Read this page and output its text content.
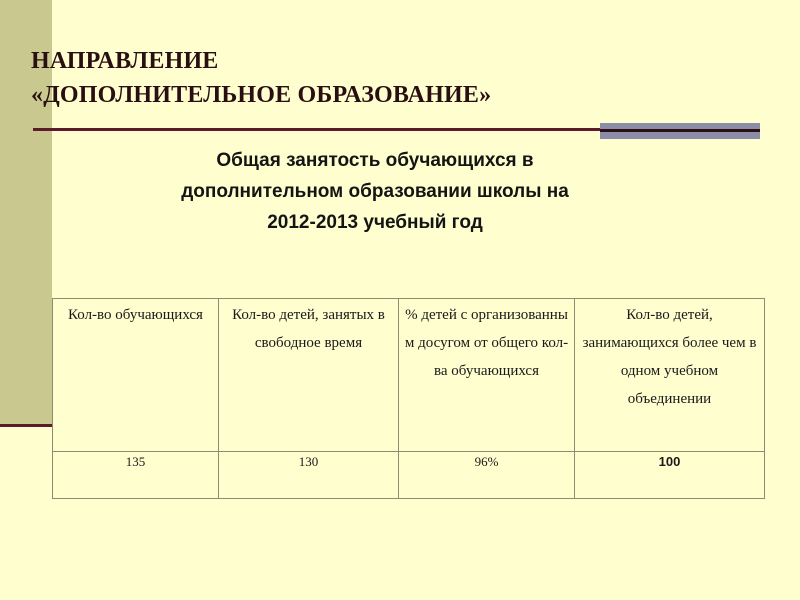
НАПРАВЛЕНИЕ
«ДОПОЛНИТЕЛЬНОЕ ОБРАЗОВАНИЕ»

Общая занятость обучающихся в
дополнительном образовании школы на
2012-2013 учебный год

Кол-во обучающихся	Кол-во детей, занятых в свободное время	% детей с организованны м досугом от общего кол-ва обучающихся	Кол-во детей, занимающихся более чем в одном учебном объединении
135	130	96%	100
